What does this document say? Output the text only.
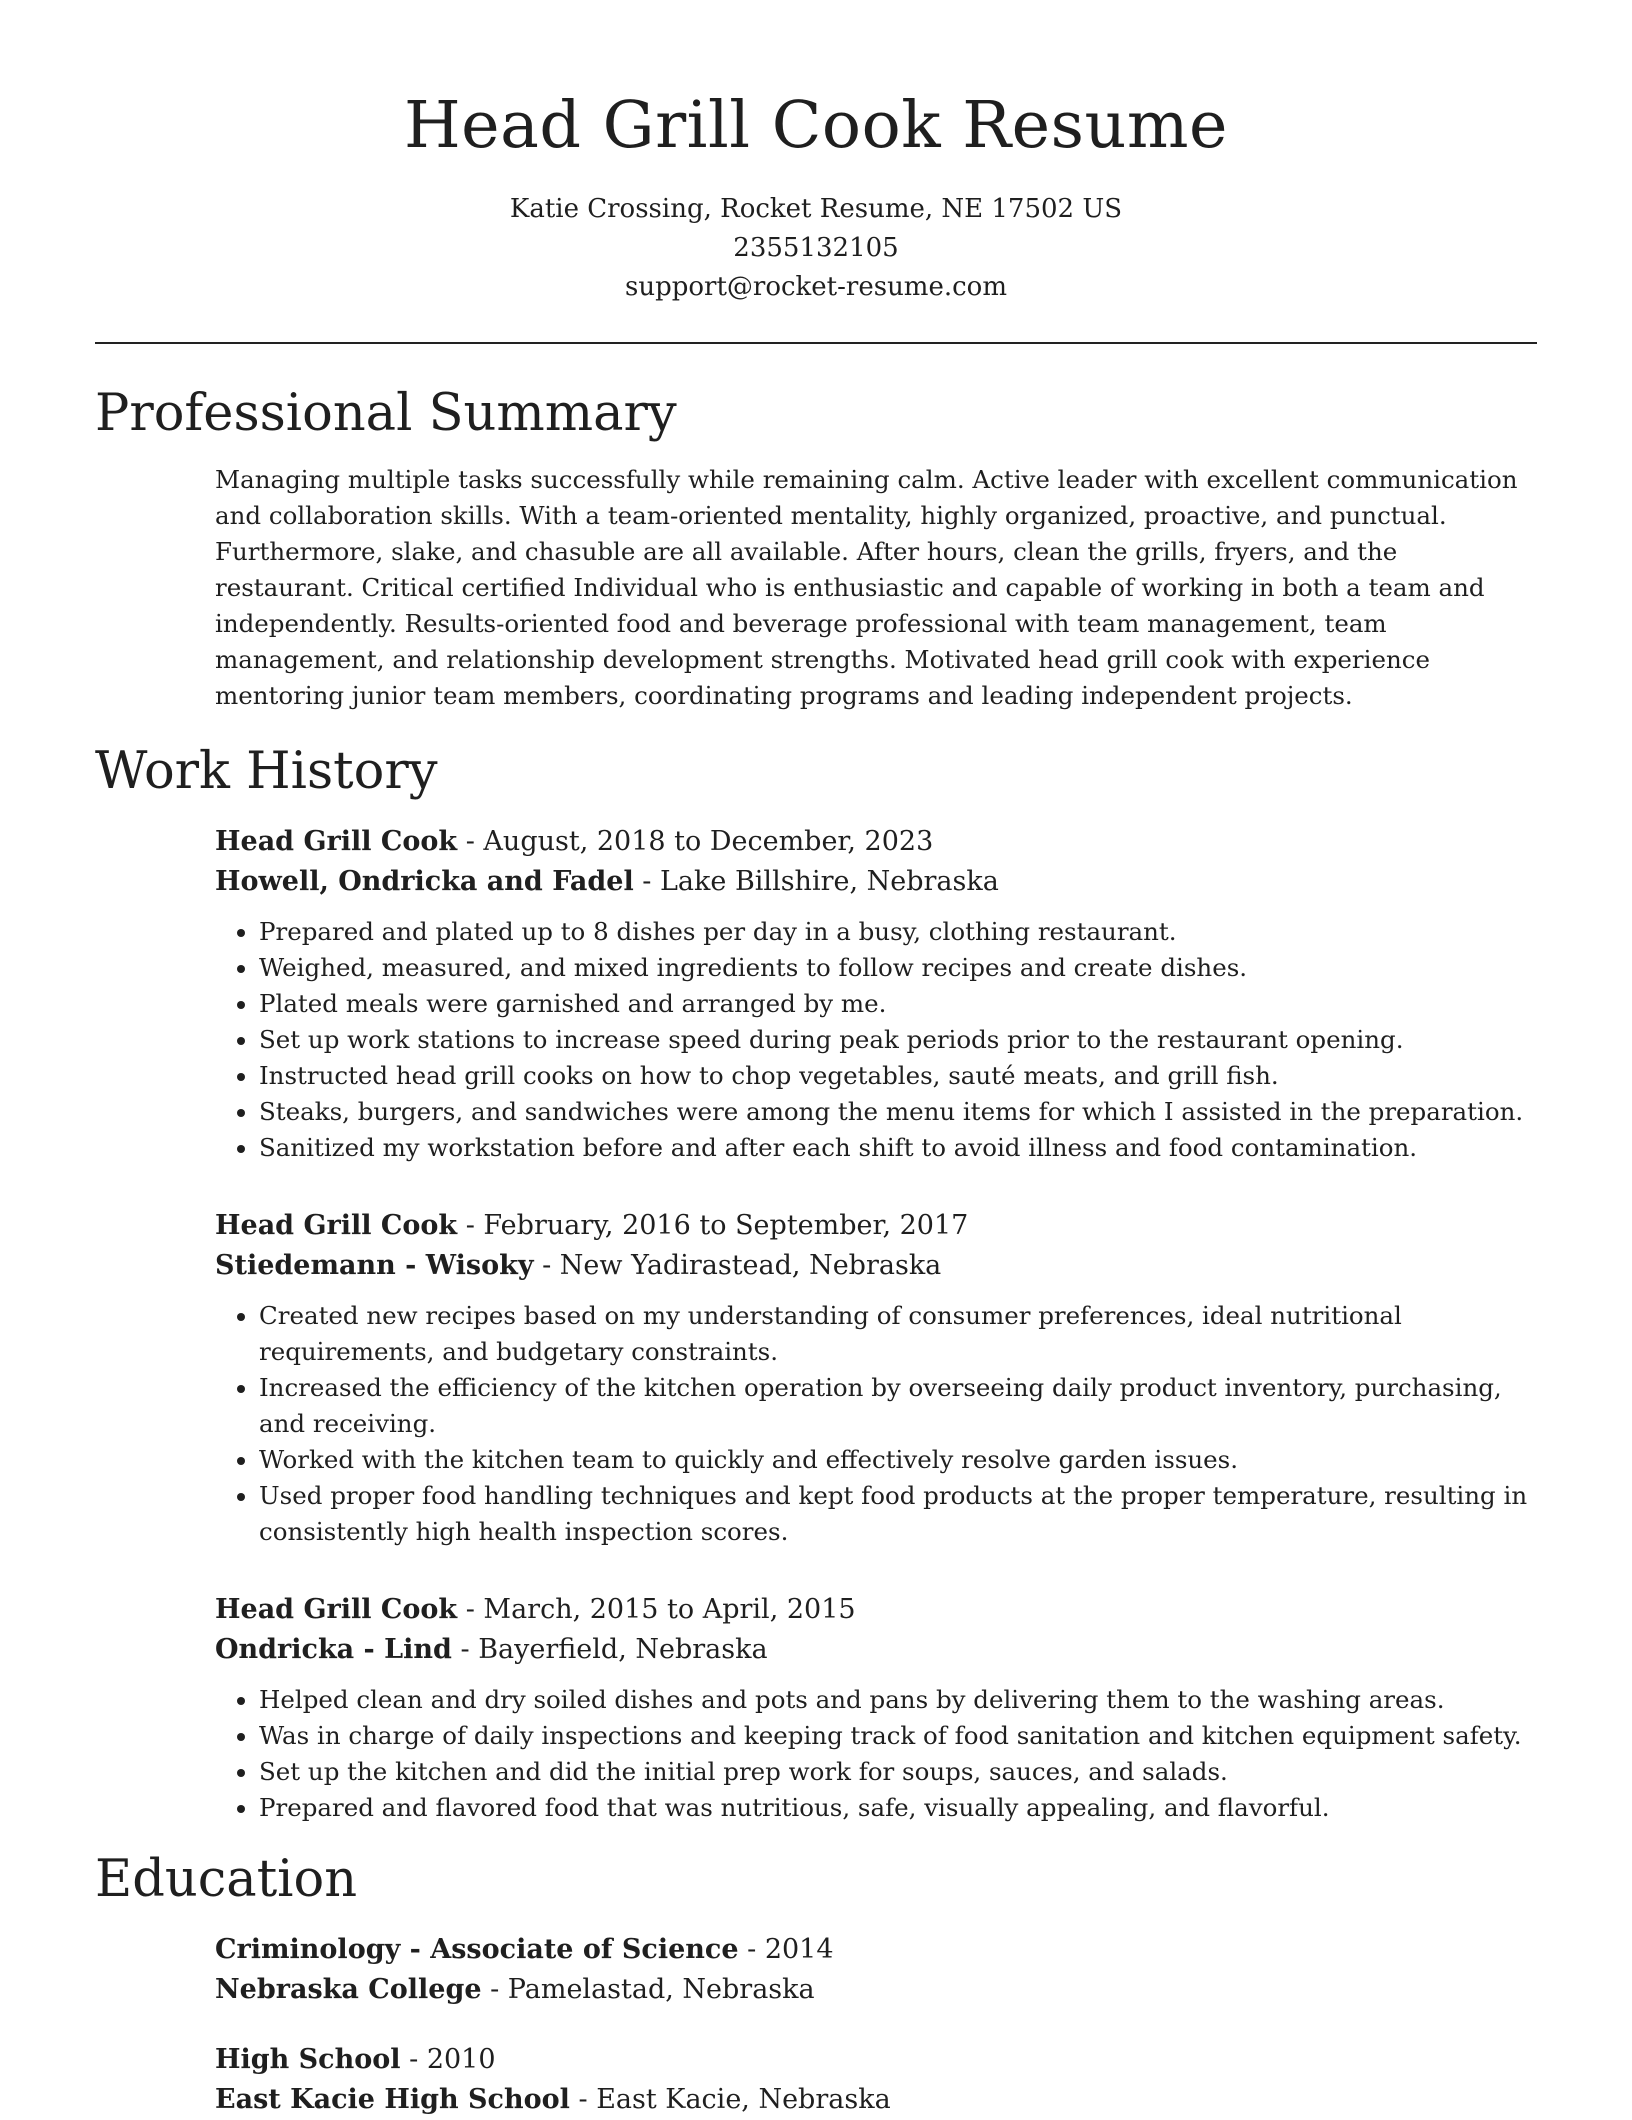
Head Grill Cook Resume
Katie Crossing, Rocket Resume, NE 17502 US
2355132105
support@rocket-resume.com
Professional Summary
Managing multiple tasks successfully while remaining calm. Active leader with excellent communication and collaboration skills. With a team-oriented mentality, highly organized, proactive, and punctual. Furthermore, slake, and chasuble are all available. After hours, clean the grills, fryers, and the restaurant. Critical certified Individual who is enthusiastic and capable of working in both a team and independently. Results-oriented food and beverage professional with team management, team management, and relationship development strengths. Motivated head grill cook with experience mentoring junior team members, coordinating programs and leading independent projects.
Work History
Head Grill Cook - August, 2018 to December, 2023
Howell, Ondricka and Fadel - Lake Billshire, Nebraska
• Prepared and plated up to 8 dishes per day in a busy, clothing restaurant.
• Weighed, measured, and mixed ingredients to follow recipes and create dishes.
• Plated meals were garnished and arranged by me.
• Set up work stations to increase speed during peak periods prior to the restaurant opening.
• Instructed head grill cooks on how to chop vegetables, sauté meats, and grill fish.
• Steaks, burgers, and sandwiches were among the menu items for which I assisted in the preparation.
• Sanitized my workstation before and after each shift to avoid illness and food contamination.
Head Grill Cook - February, 2016 to September, 2017
Stiedemann - Wisoky - New Yadirastead, Nebraska
• Created new recipes based on my understanding of consumer preferences, ideal nutritional requirements, and budgetary constraints.
• Increased the efficiency of the kitchen operation by overseeing daily product inventory, purchasing, and receiving.
• Worked with the kitchen team to quickly and effectively resolve garden issues.
• Used proper food handling techniques and kept food products at the proper temperature, resulting in consistently high health inspection scores.
Head Grill Cook - March, 2015 to April, 2015
Ondricka - Lind - Bayerfield, Nebraska
• Helped clean and dry soiled dishes and pots and pans by delivering them to the washing areas.
• Was in charge of daily inspections and keeping track of food sanitation and kitchen equipment safety.
• Set up the kitchen and did the initial prep work for soups, sauces, and salads.
• Prepared and flavored food that was nutritious, safe, visually appealing, and flavorful.
Education
Criminology - Associate of Science - 2014
Nebraska College - Pamelastad, Nebraska
High School - 2010
East Kacie High School - East Kacie, Nebraska
